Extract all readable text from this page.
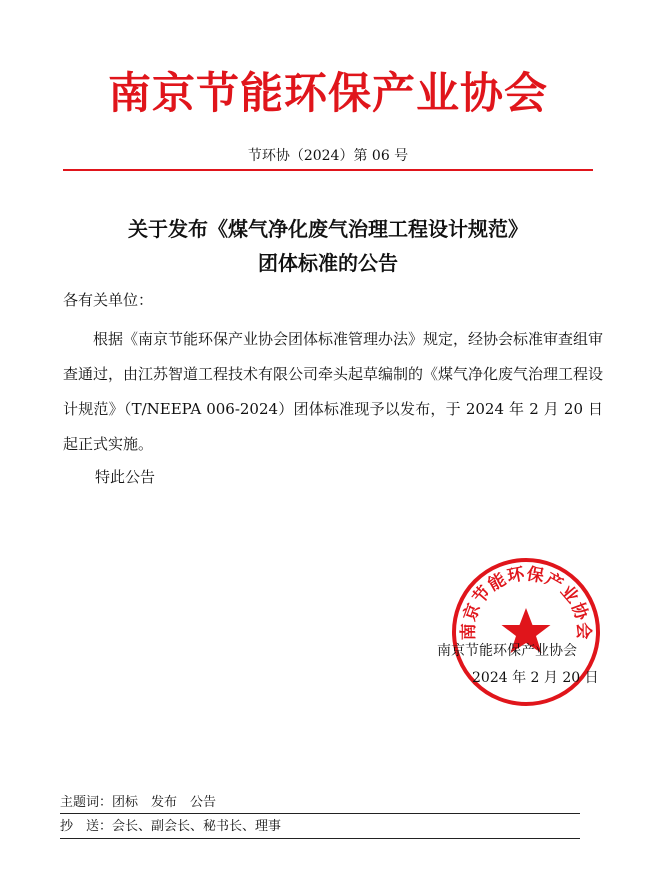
南京节能环保产业协会
节环协（2024）第 06 号
关于发布《煤气净化废气治理工程设计规范》
团体标准的公告
各有关单位：
根据《南京节能环保产业协会团体标准管理办法》规定，经协会标准审查组审查通过，由江苏智道工程技术有限公司牵头起草编制的《煤气净化废气治理工程设计规范》（T/NEEPA 006-2024）团体标准现予以发布，于 2024 年 2 月 20 日起正式实施。
特此公告
南京节能环保产业协会
南京节能环保产业协会
2024 年 2 月 20 日
主题词：团标　发布　公告
抄　送：会长、副会长、秘书长、理事
